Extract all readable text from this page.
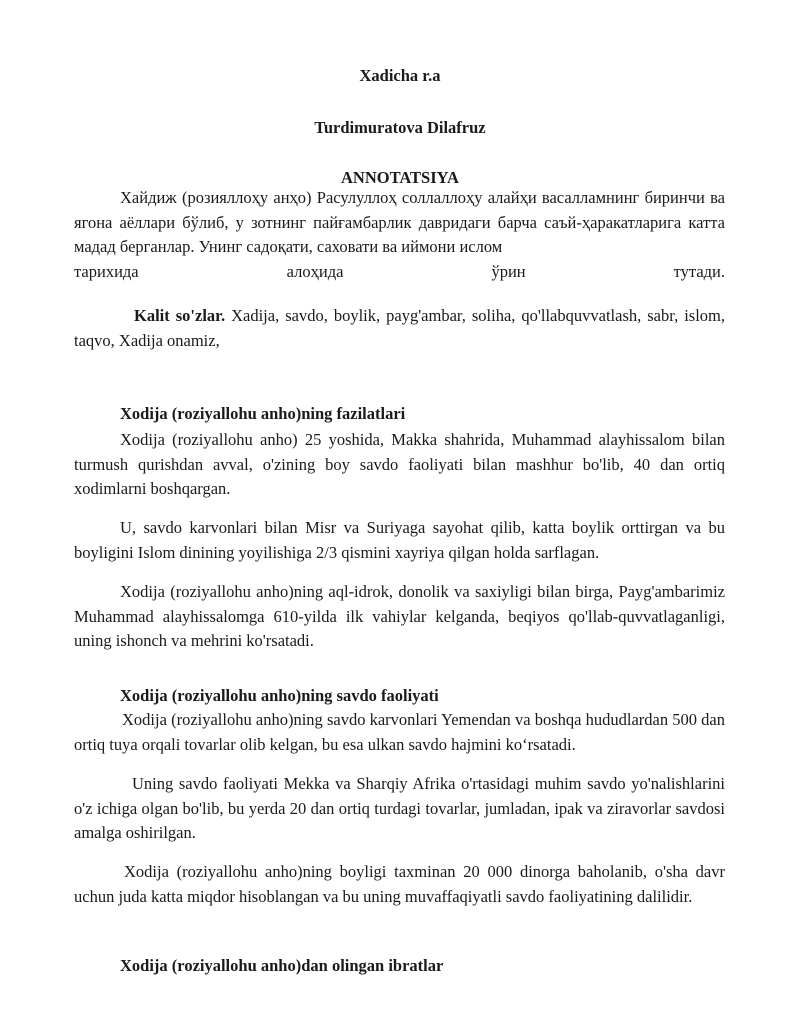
Xadicha r.a
Turdimuratova Dilafruz
ANNOTATSIYA

Хайдиж (розияллоҳу анҳо) Расулуллоҳ соллаллоҳу алайҳи васалламнинг биринчи ва ягона аёллари бўлиб, у зотнинг пайғамбарлик давридаги барча саъй-ҳаракатларига катта мадад берганлар. Унинг садоқати, саховати ва иймони ислом

тарихида алоҳида ўрин тутади.

Kalit so'zlar. Xadija, savdo, boylik, payg'ambar, soliha, qo'llabquvvatlash, sabr, islom, taqvo, Xadija onamiz,

Xodija (roziyallohu anho)ning fazilatlari

Xodija (roziyallohu anho) 25 yoshida, Makka shahrida, Muhammad alayhissalom bilan turmush qurishdan avval, o'zining boy savdo faoliyati bilan mashhur bo'lib, 40 dan ortiq xodimlarni boshqargan.

U, savdo karvonlari bilan Misr va Suriyaga sayohat qilib, katta boylik orttirgan va bu boyligini Islom dinining yoyilishiga 2/3 qismini xayriya qilgan holda sarflagan.

Xodija (roziyallohu anho)ning aql-idrok, donolik va saxiyligi bilan birga, Payg'ambarimiz Muhammad alayhissalomga 610-yilda ilk vahiylar kelganda, beqiyos qo'llab-quvvatlaganligi, uning ishonch va mehrini ko'rsatadi.

Xodija (roziyallohu anho)ning savdo faoliyati

Xodija (roziyallohu anho)ning savdo karvonlari Yemendan va boshqa hududlardan 500 dan ortiq tuya orqali tovarlar olib kelgan, bu esa ulkan savdo hajmini koʻrsatadi.

Uning savdo faoliyati Mekka va Sharqiy Afrika o'rtasidagi muhim savdo yo'nalishlarini o'z ichiga olgan bo'lib, bu yerda 20 dan ortiq turdagi tovarlar, jumladan, ipak va ziravorlar savdosi amalga oshirilgan.

Xodija (roziyallohu anho)ning boyligi taxminan 20 000 dinorga baholanib, o'sha davr uchun juda katta miqdor hisoblangan va bu uning muvaffaqiyatli savdo faoliyatining dalilidir.

Xodija (roziyallohu anho)dan olingan ibratlar
